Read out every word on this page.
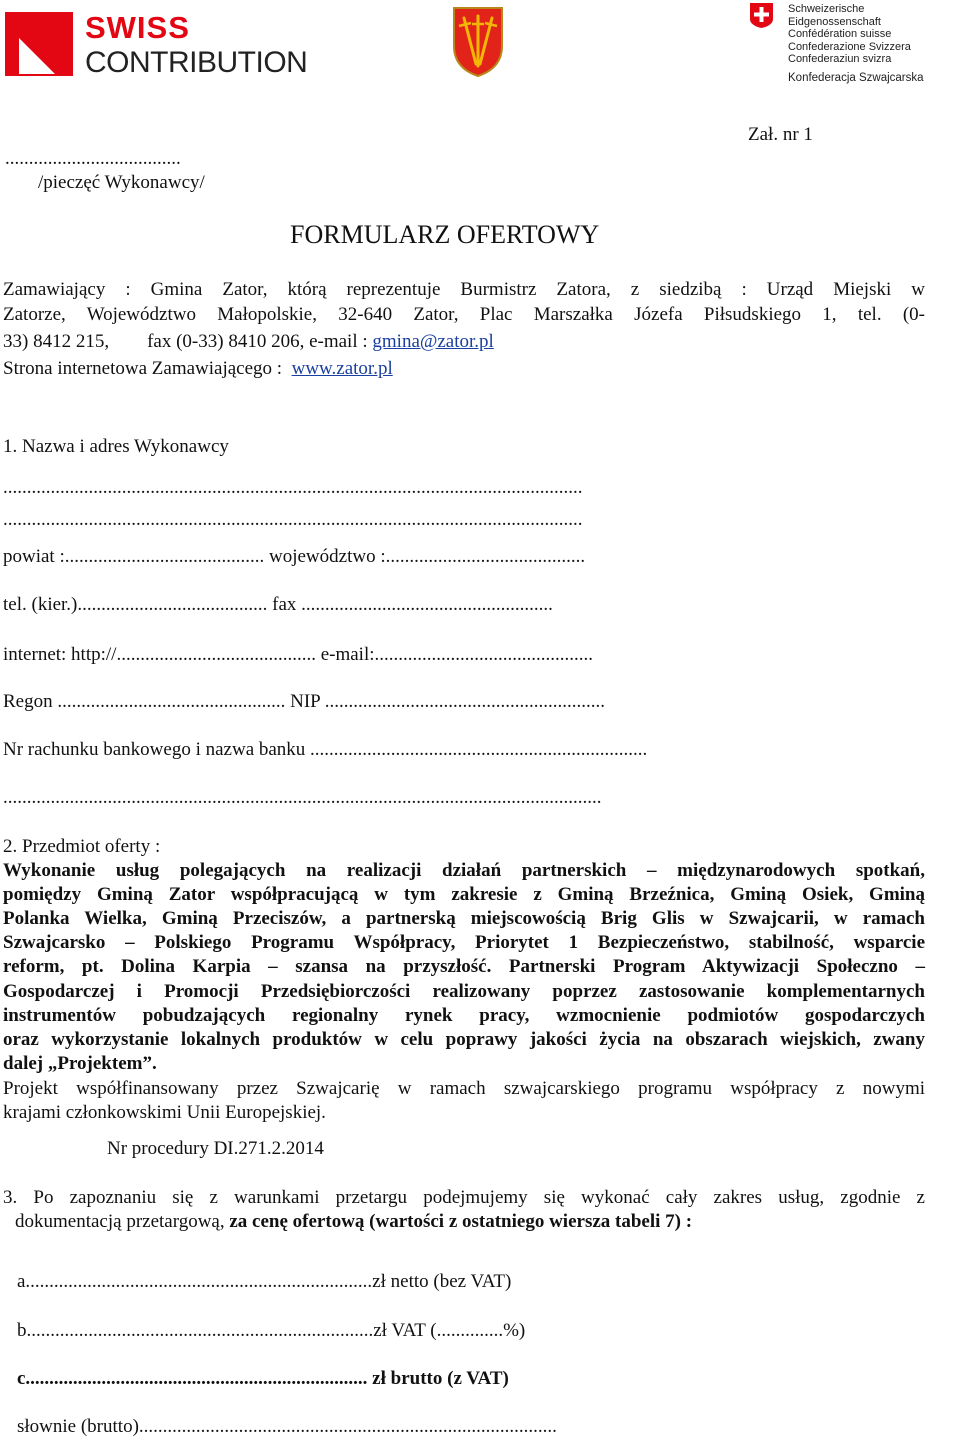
SWISS
CONTRIBUTION
Schweizerische Eidgenossenschaft
Confédération suisse
Confederazione Svizzera
Confederaziun svizra
Konfederacja Szwajcarska
Zał. nr 1
.....................................
/pieczęć Wykonawcy/
FORMULARZ OFERTOWY
Zamawiający : Gmina Zator, którą reprezentuje Burmistrz Zatora, z siedzibą : Urząd Miejski w
Zatorze, Województwo Małopolskie, 32-640 Zator, Plac Marszałka Józefa Piłsudskiego 1, tel. (0-
33) 8412 215,        fax (0-33) 8410 206, e-mail : gmina@zator.pl
Strona internetowa Zamawiającego :  www.zator.pl
1. Nazwa i adres Wykonawcy
..........................................................................................................................
..........................................................................................................................
powiat :.......................................... województwo :..........................................
tel. (kier.)........................................ fax .....................................................
internet: http://.......................................... e-mail:..............................................
Regon ................................................ NIP ...........................................................
Nr rachunku bankowego i nazwa banku .......................................................................
..............................................................................................................................
2. Przedmiot oferty :
Wykonanie usług polegających na realizacji działań partnerskich – międzynarodowych spotkań,
pomiędzy Gminą Zator współpracującą w tym zakresie z Gminą Brzeźnica, Gminą Osiek, Gminą
Polanka Wielka, Gminą Przeciszów, a partnerską miejscowością Brig Glis w Szwajcarii, w ramach
Szwajcarsko – Polskiego Programu Współpracy, Priorytet 1 Bezpieczeństwo, stabilność, wsparcie
reform, pt. Dolina Karpia – szansa na przyszłość. Partnerski Program Aktywizacji Społeczno –
Gospodarczej i Promocji Przedsiębiorczości realizowany poprzez zastosowanie komplementarnych
instrumentów pobudzających regionalny rynek pracy, wzmocnienie podmiotów gospodarczych
oraz wykorzystanie lokalnych produktów w celu poprawy jakości życia na obszarach wiejskich, zwany
dalej „Projektem”.
Projekt współfinansowany przez Szwajcarię w ramach szwajcarskiego programu współpracy z nowymi
krajami członkowskimi Unii Europejskiej.
Nr procedury DI.271.2.2014
3. Po zapoznaniu się z warunkami przetargu podejmujemy się wykonać cały zakres usług, zgodnie z
dokumentacją przetargową, za cenę ofertową (wartości z ostatniego wiersza tabeli 7) :
a.........................................................................zł netto (bez VAT)
b.........................................................................zł VAT (..............%)
c........................................................................ zł brutto (z VAT)
słownie (brutto)........................................................................................
